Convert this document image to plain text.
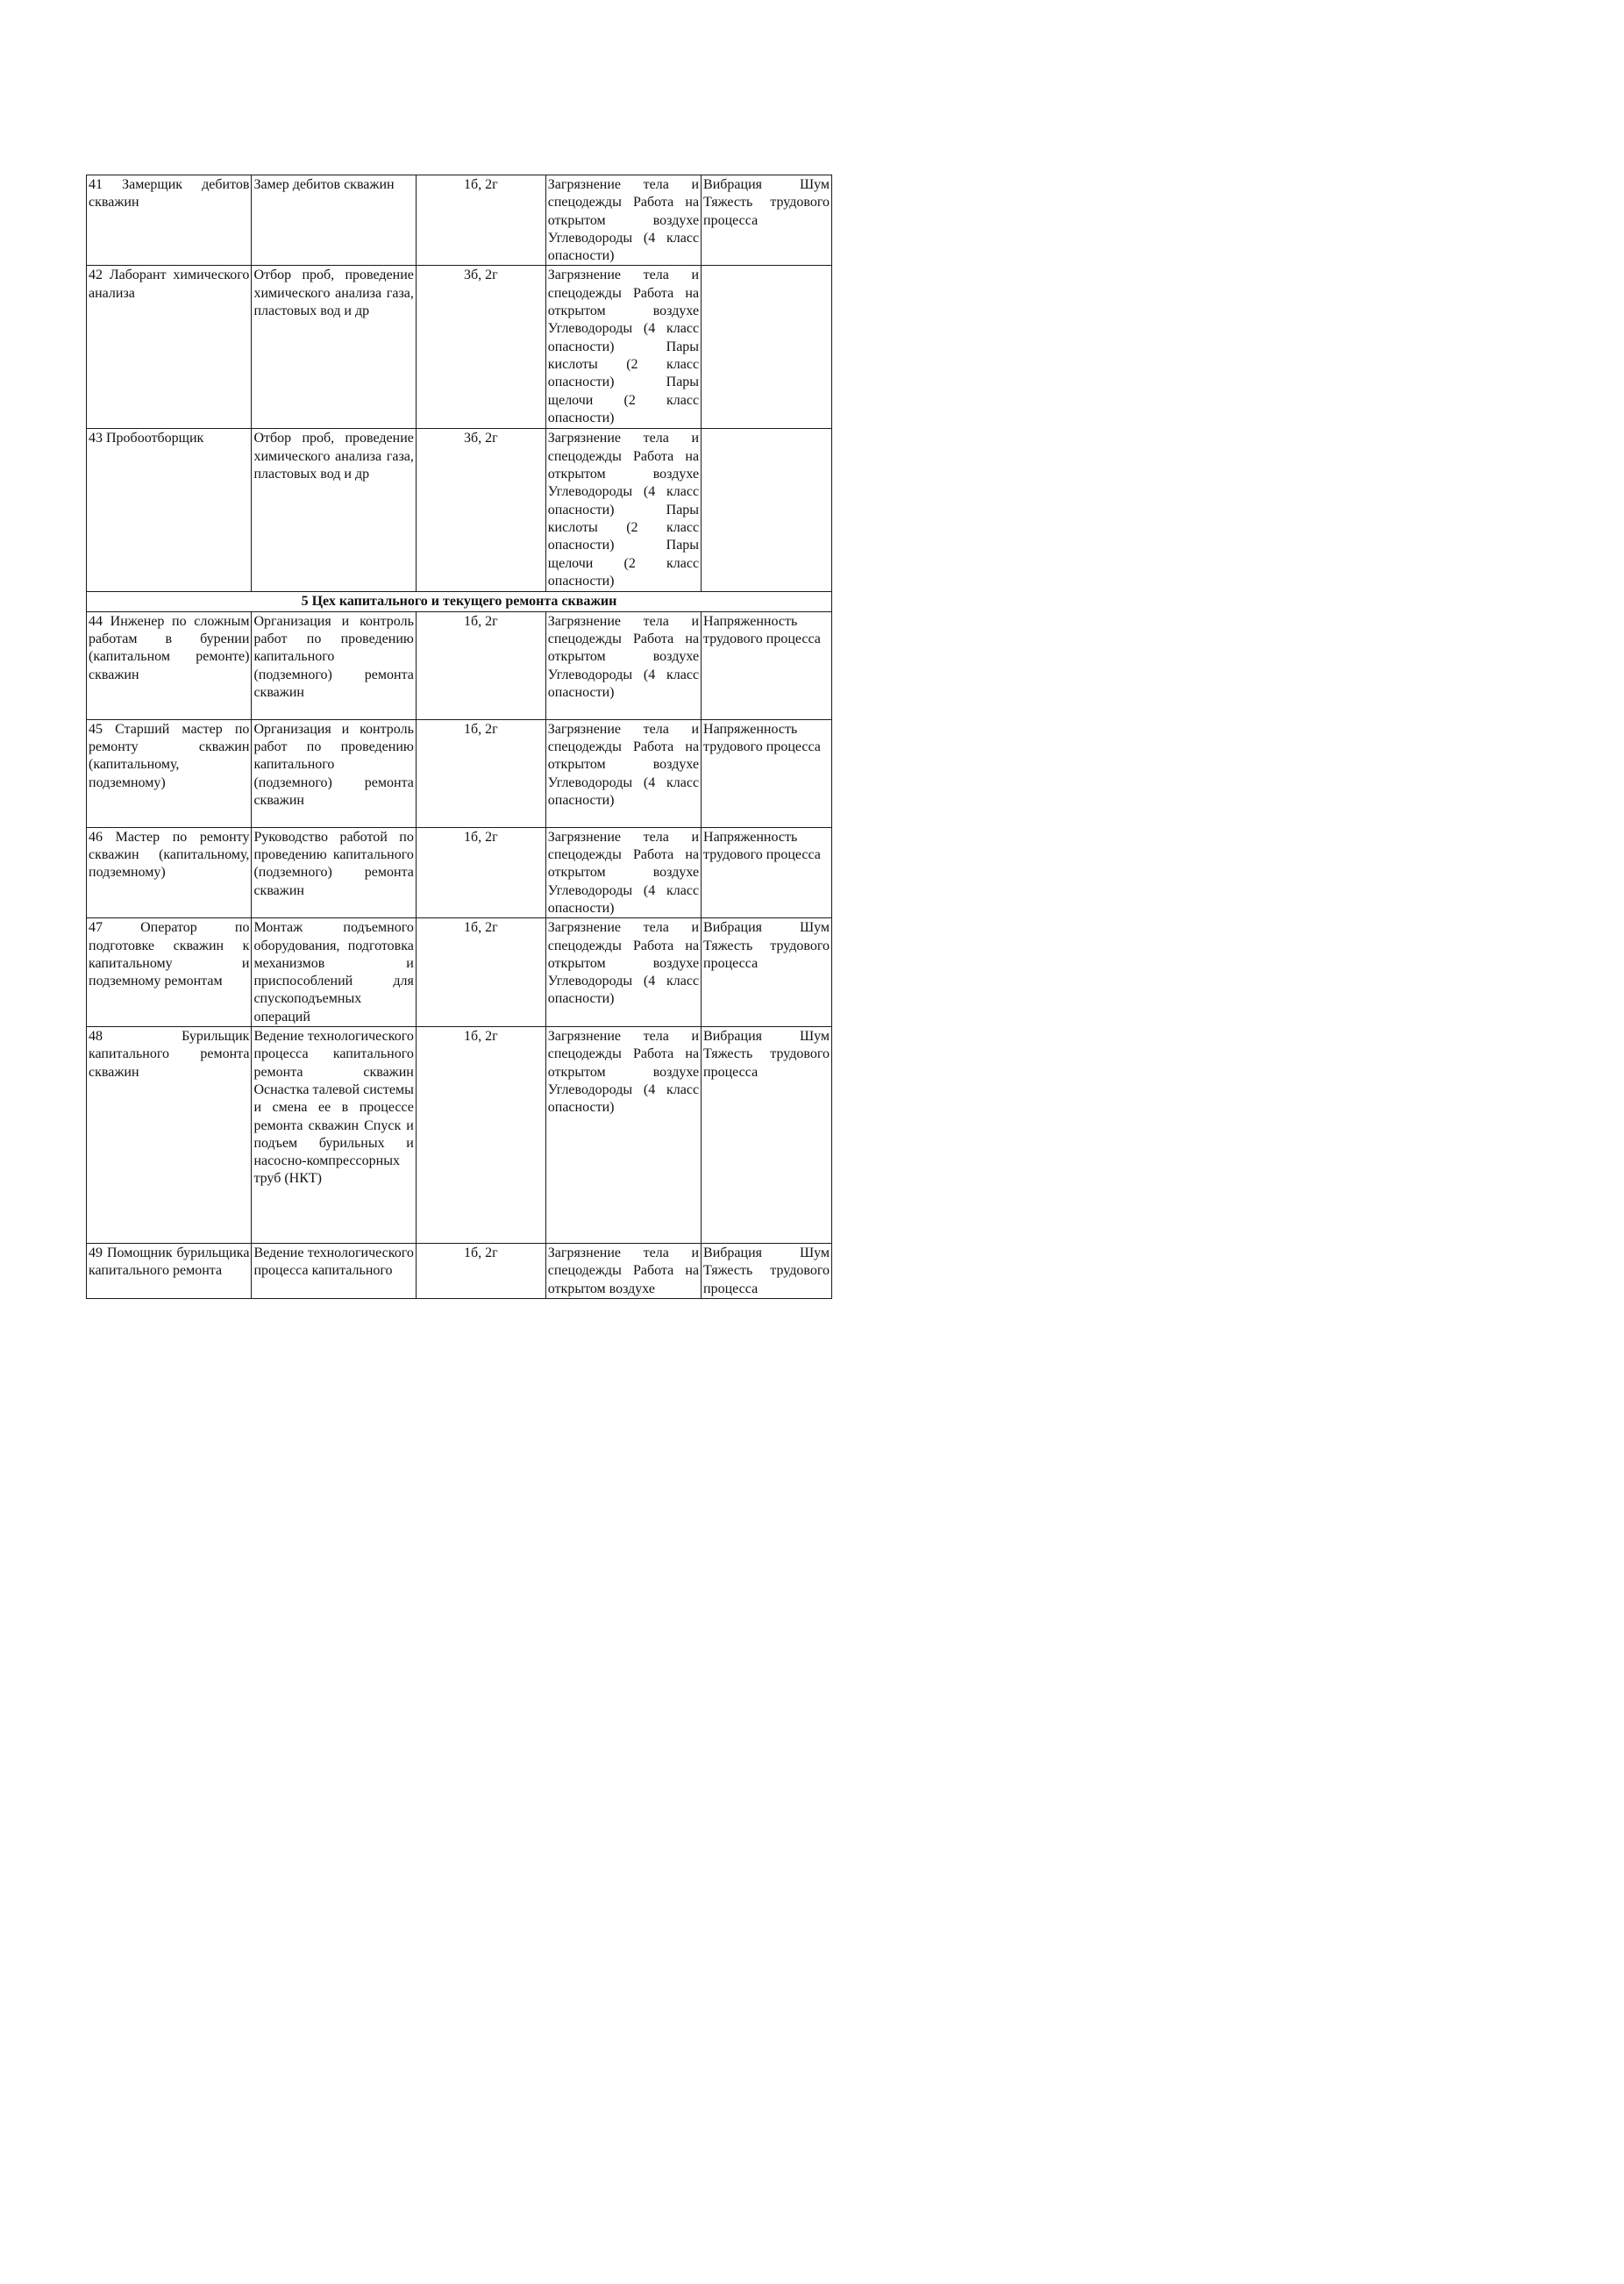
41 Замерщик дебитов скважин	Замер дебитов скважин	1б, 2г	Загрязнение тела и спецодежды Работа на открытом воздухе Углеводороды (4 класс опасности)	Вибрация Шум Тяжесть трудового процесса
42 Лаборант химического анализа	Отбор проб, проведение химического анализа газа, пластовых вод и др	3б, 2г	Загрязнение тела и спецодежды Работа на открытом воздухе Углеводороды (4 класс опасности) Пары кислоты (2 класс опасности) Пары щелочи (2 класс опасности)	
43 Пробоотборщик	Отбор проб, проведение химического анализа газа, пластовых вод и др	3б, 2г	Загрязнение тела и спецодежды Работа на открытом воздухе Углеводороды (4 класс опасности) Пары кислоты (2 класс опасности) Пары щелочи (2 класс опасности)	
5 Цех капитального и текущего ремонта скважин				
44 Инженер по сложным работам в бурении (капитальном ремонте) скважин	Организация и контроль работ по проведению капитального (подземного) ремонта скважин	1б, 2г	Загрязнение тела и спецодежды Работа на открытом воздухе Углеводороды (4 класс опасности)	Напряженность трудового процесса
45 Старший мастер по ремонту скважин (капитальному, подземному)	Организация и контроль работ по проведению капитального (подземного) ремонта скважин	1б, 2г	Загрязнение тела и спецодежды Работа на открытом воздухе Углеводороды (4 класс опасности)	Напряженность трудового процесса
46 Мастер по ремонту скважин (капитальному, подземному)	Руководство работой по проведению капитального (подземного) ремонта скважин	1б, 2г	Загрязнение тела и спецодежды Работа на открытом воздухе Углеводороды (4 класс опасности)	Напряженность трудового процесса
47 Оператор по подготовке скважин к капитальному и подземному ремонтам	Монтаж подъемного оборудования, подготовка механизмов и приспособлений для спускоподъемных операций	1б, 2г	Загрязнение тела и спецодежды Работа на открытом воздухе Углеводороды (4 класс опасности)	Вибрация Шум Тяжесть трудового процесса
48 Бурильщик капитального ремонта скважин	Ведение технологического процесса капитального ремонта скважин Оснастка талевой системы и смена ее в процессе ремонта скважин Спуск и подъем бурильных и насосно-компрессорных труб (НКТ)	1б, 2г	Загрязнение тела и спецодежды Работа на открытом воздухе Углеводороды (4 класс опасности)	Вибрация Шум Тяжесть трудового процесса
49 Помощник бурильщика капитального ремонта	Ведение технологического процесса капитального	1б, 2г	Загрязнение тела и спецодежды Работа на открытом воздухе	Вибрация Шум Тяжесть трудового процесса
